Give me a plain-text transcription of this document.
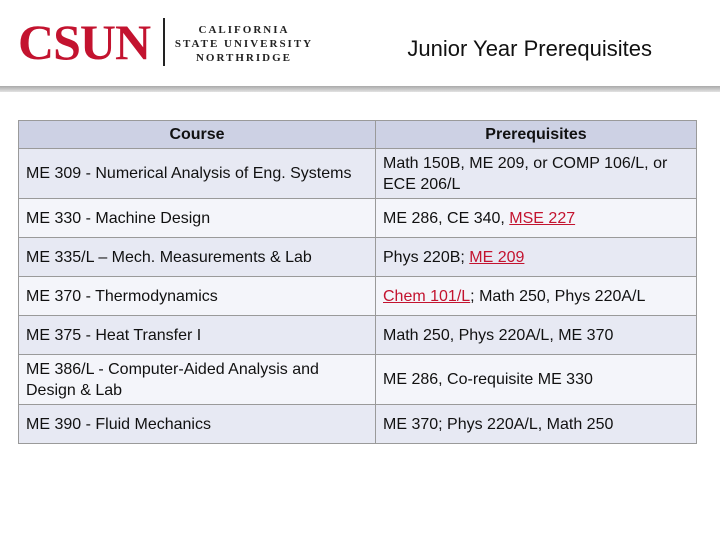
CSUN	CALIFORNIA
STATE UNIVERSITY
NORTHRIDGE	Junior Year Prerequisites
Course	Prerequisites
ME 309 - Numerical Analysis of Eng. Systems	Math 150B, ME 209, or COMP 106/L, or ECE 206/L
ME 330 - Machine Design	ME 286, CE 340, MSE 227
ME 335/L – Mech. Measurements & Lab	Phys 220B; ME 209
ME 370 - Thermodynamics	Chem 101/L; Math 250, Phys 220A/L
ME 375 - Heat Transfer I	Math 250, Phys 220A/L, ME 370
ME 386/L - Computer-Aided Analysis and Design & Lab	ME 286, Co-requisite ME 330
ME 390 - Fluid Mechanics	ME 370; Phys 220A/L, Math 250
